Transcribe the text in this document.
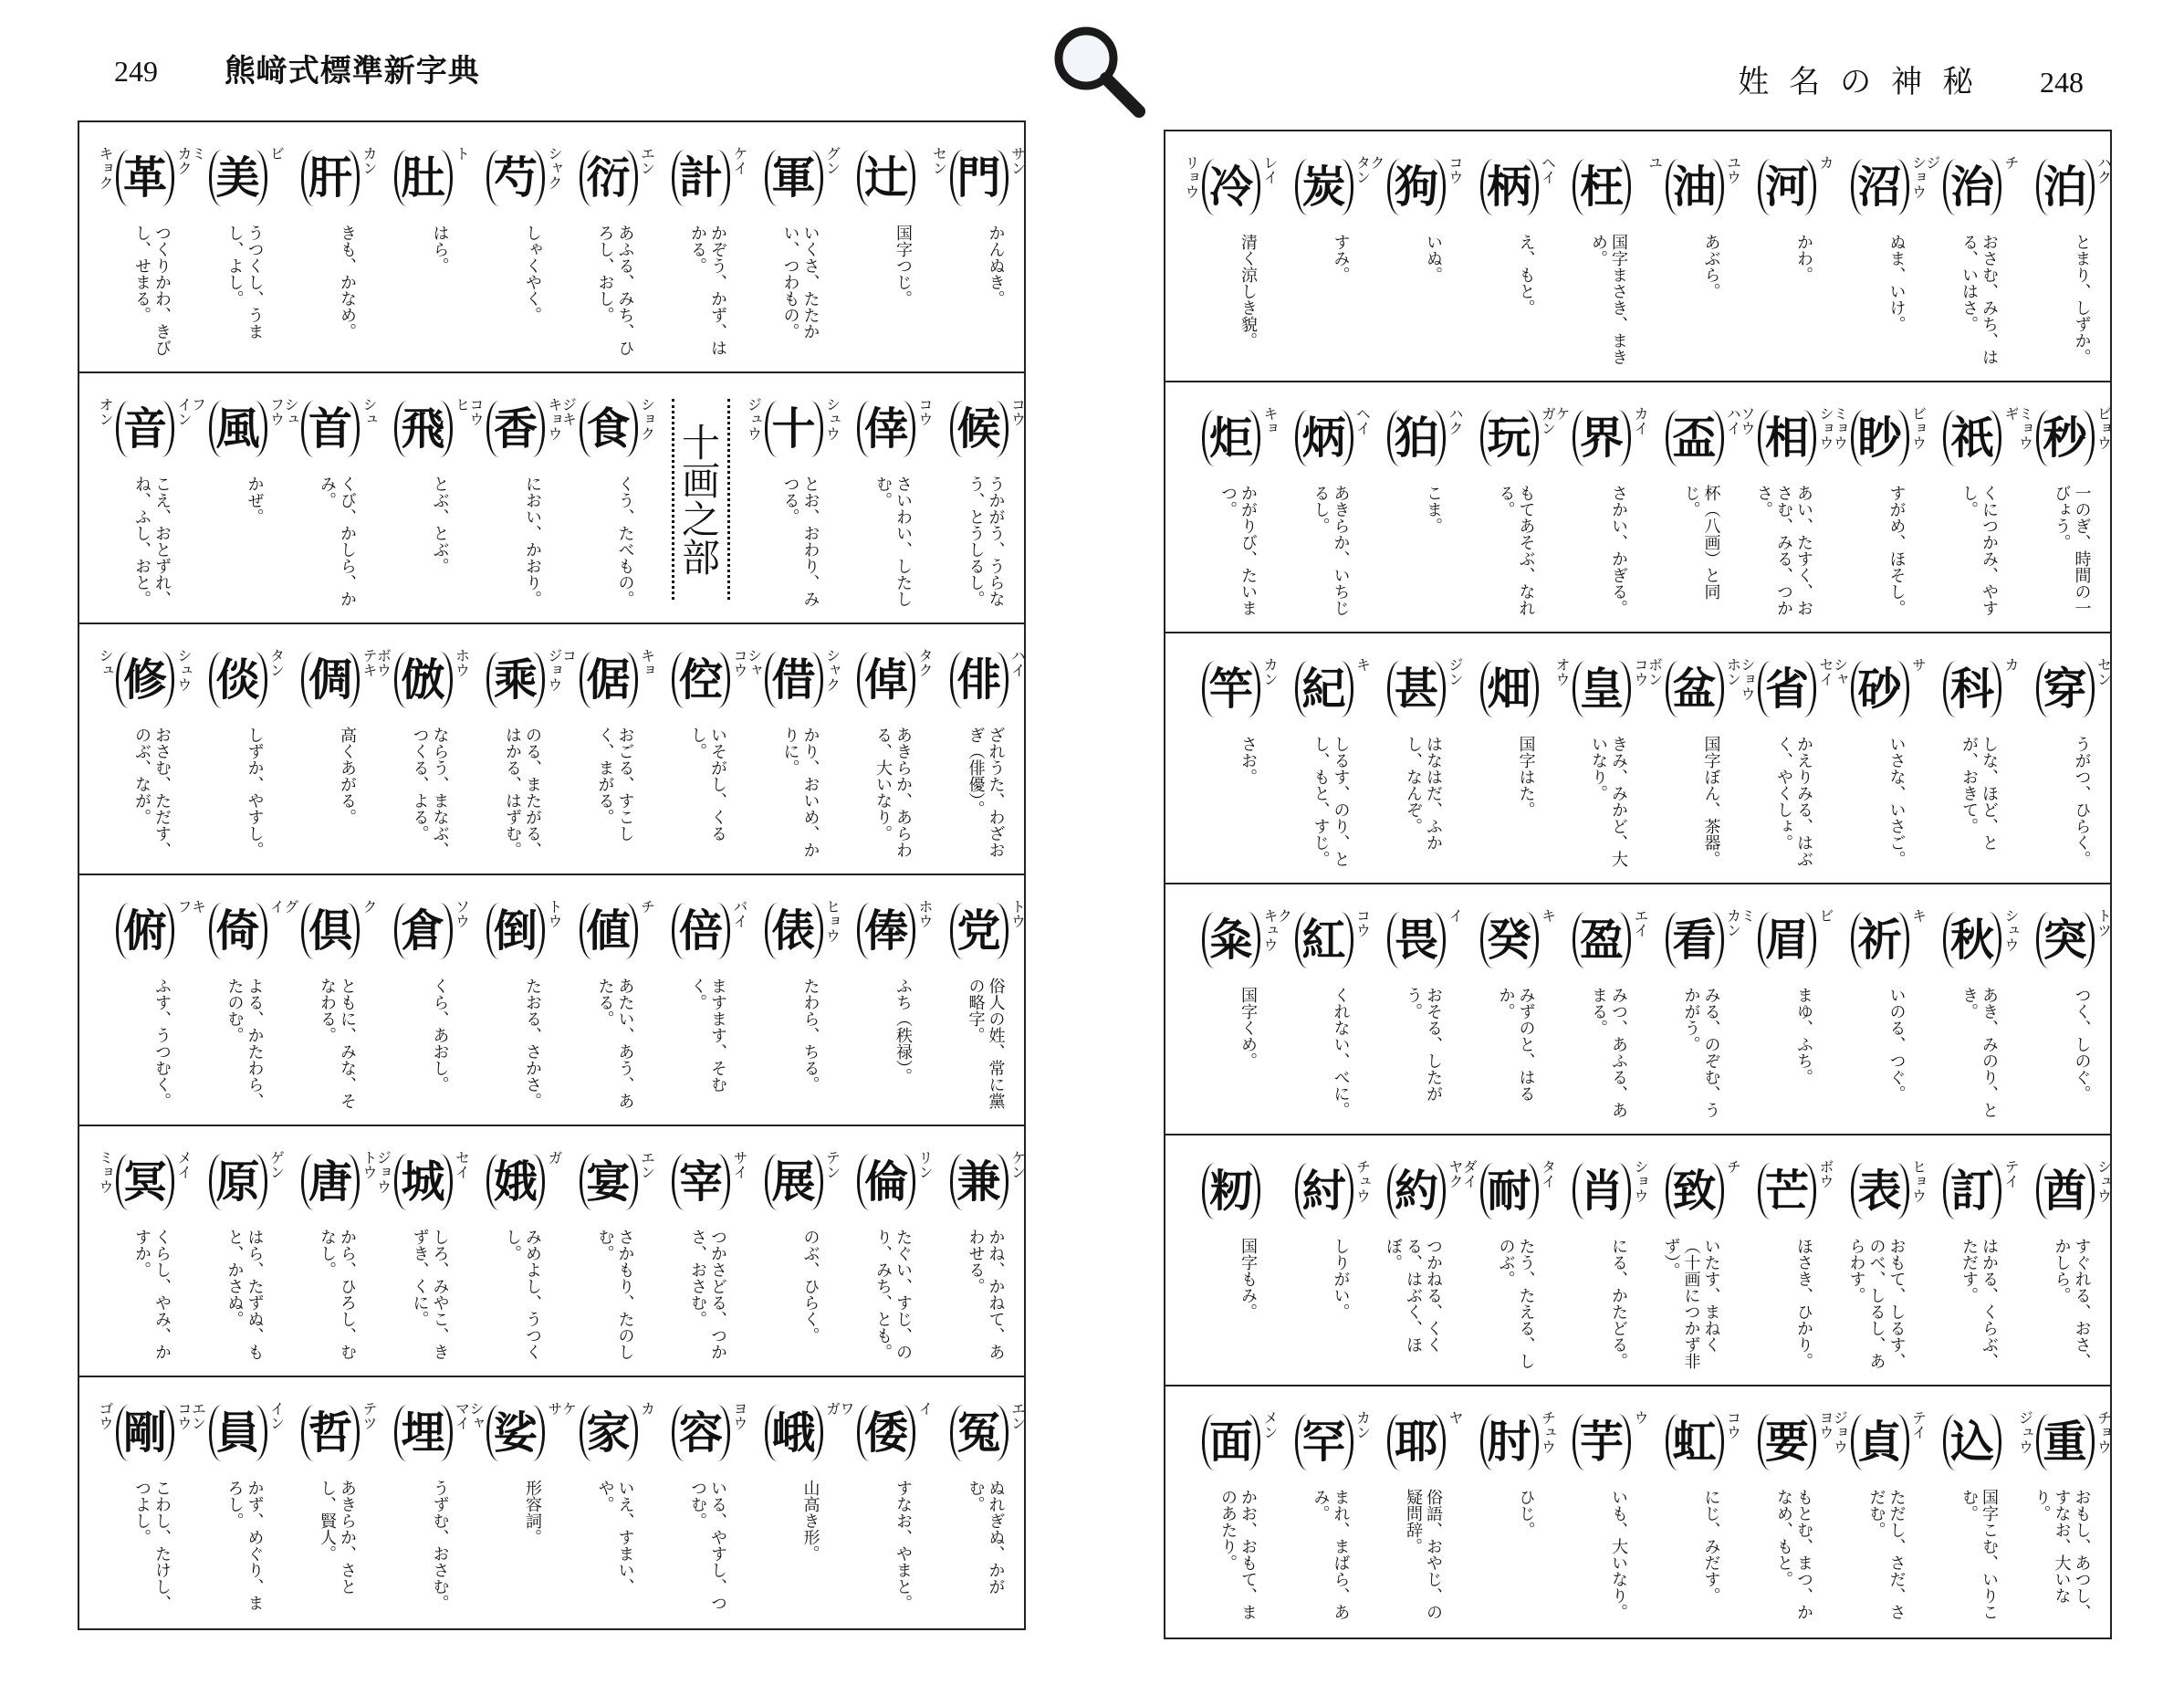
249 熊﨑式標準新字典	姓名の神秘 248
門 サン
セン
かんぬき。
辻
国字つじ。
軍 グン
いくさ、たたかい、つわもの。
計 ケイ
かぞう、かず、はかる。
衍 エン
あふる、みち、ひろし、おし。
芍 シャク
しゃくやく。
肚 ト
はら。
肝 カン
きも、かなめ。
美 ビ
ミ
うつくし、うまし、よし。
革 カク
キョク
つくりかわ、きびし、せまる。
候 コウ
うかがう、うらなう、とうしるし。
倖 コウ
さいわい、したしむ。
十 シュウ
ジュウ
とお、おわり、みつる。
十画之部
食 ショク
ジキ
くう、たべもの。
香 キョウ
コウ
におい、かおり。
飛 ヒ
とぶ、とぶ。
首 シュ
シュ
くび、かしら、かみ。
風 フウ
フ
かぜ。
音 イン
オン
こえ、おとずれ、ね、ふし、おと。
俳 ハイ
ざれうた、わざおぎ（俳優）。
倬 タク
あきらか、あらわる、大いなり。
借 シャク
シャ
かり、おいめ、かりに。
倥 コウ
いそがし、くるし。
倨 キョ
コ
おごる、すこしく、まがる。
乘 ジョウ
のる、またがる、はかる、はずむ。
倣 ホウ
ボウ
ならう、まなぶ、つくる、よる。
倜 テキ
高くあがる。
倓 タン
しずか、やすし。
修 シュウ
シュ
おさむ、ただす、のぶ、なが。
党 トウ
俗人の姓、常に黨の略字。
俸 ホウ
ふち（秩禄）。
俵 ヒョウ
たわら、ちる。
倍 バイ
ますます、そむく。
値 チ
あたい、あう、あたる。
倒 トウ
たおる、さかさ。
倉 ソウ
くら、あおし。
倶 ク
グ
ともに、みな、そなわる。
倚 イ
キ
よる、かたわら、たのむ。
俯 フ
ふす、うつむく。
兼 ケン
かね、かねて、あわせる。
倫 リン
たぐい、すじ、のり、みち、とも。
展 テン
のぶ、ひらく。
宰 サイ
つかさどる、つかさ、おさむ。
宴 エン
さかもり、たのしむ。
娥 ガ
みめよし、うつくし。
城 セイ
ジョウ
しろ、みやこ、きずき、くに。
唐 トウ
から、ひろし、むなし。
原 ゲン
はら、たずぬ、もと、かさぬ。
冥 メイ
ミョウ
くらし、やみ、かすか。
冤 エン
ぬれぎぬ、かがむ。
倭 イ
ワ
すなお、やまと。
峨 ガ
山高き形。
容 ヨウ
いる、やすし、つつむ。
家 カ
ケ
いえ、すまい、や。
娑 サ
シャ
形容詞。
埋 マイ
うずむ、おさむ。
哲 テツ
あきらか、さとし、賢人。
員 イン
エン
かず、めぐり、まろし。
剛 コウ
ゴウ
こわし、たけし、つよし。
泊 ハク
とまり、しずか。
治 チ
ジ
おさむ、みち、はる、いはさ。
沼 ショウ
ぬま、いけ。
河 カ
かわ。
油 ユウ
ユ
あぶら。
枉
国字まさき、まきめ。
柄 ヘイ
え、もと。
狗 コウ
ク
いぬ。
炭 タン
すみ。
冷 レイ
リョウ
清く涼しき貌。
秒 ビョウ
ミョウ
一のぎ、時間の一びょう。
祇 ギ
くにつかみ、やすし。
眇 ビョウ
ミョウ
すがめ、ほそし。
相 ショウ
ソウ
あい、たすく、おさむ、みる、つかさ。
盃 ハイ
杯（八画）と同じ。
界 カイ
ケ
さかい、かぎる。
玩 ガン
もてあそぶ、なれる。
狛 ハク
こま。
炳 ヘイ
あきらか、いちじるし。
炬 キョ
かがりび、たいまつ。
穿 セン
うがつ、ひらく。
科 カ
しな、ほど、とが、おきて。
砂 サ
シャ
いさな、いさご。
省 セイ
ショウ
かえりみる、はぶく、やくしょ。
盆 ホン
ボン
国字ぼん、茶器。
皇 コウ
オウ
きみ、みかど、大いなり。
畑
国字はた。
甚 ジン
はなはだ、ふかし、なんぞ。
紀 キ
しるす、のり、とし、もと、すじ。
竿 カン
さお。
突 トツ
つく、しのぐ。
秋 シュウ
あき、みのり、とき。
祈 キ
いのる、つぐ。
眉 ビ
ミ
まゆ、ふち。
看 カン
みる、のぞむ、うかがう。
盈 エイ
みつ、あふる、あまる。
癸 キ
みずのと、はるか。
畏 イ
おそる、したがう。
紅 コウ
ク
くれない、べに。
粂 キュウ
国字くめ。
酋 シュウ
すぐれる、おさ、かしら。
訂 テイ
はかる、くらぶ、ただす。
表 ヒョウ
おもて、しるす、のべ、しるし、あらわす。
芒 ボウ
ほさき、ひかり。
致 チ
いたす、まねく（十画につかず非ず）。
肖 ショウ
にる、かたどる。
耐 タイ
ダイ
たう、たえる、しのぶ。
約 ヤク
つかねる、くくる、はぶく、ほぼ。
紂 チュウ
しりがい。
籾
国字もみ。
重 チョウ
ジュウ
おもし、あつし、すなお、大いなり。
込
国字こむ、いりこむ。
貞 テイ
ジョウ
ただし、さだ、さだむ。
要 ヨウ
もとむ、まつ、かなめ、もと。
虹 コウ
にじ、みだす。
芋 ウ
いも、大いなり。
肘 チュウ
ひじ。
耶 ヤ
俗語、おやじ、の疑問辞。
罕 カン
まれ、まばら、あみ。
面 メン
かお、おもて、まのあたり。
